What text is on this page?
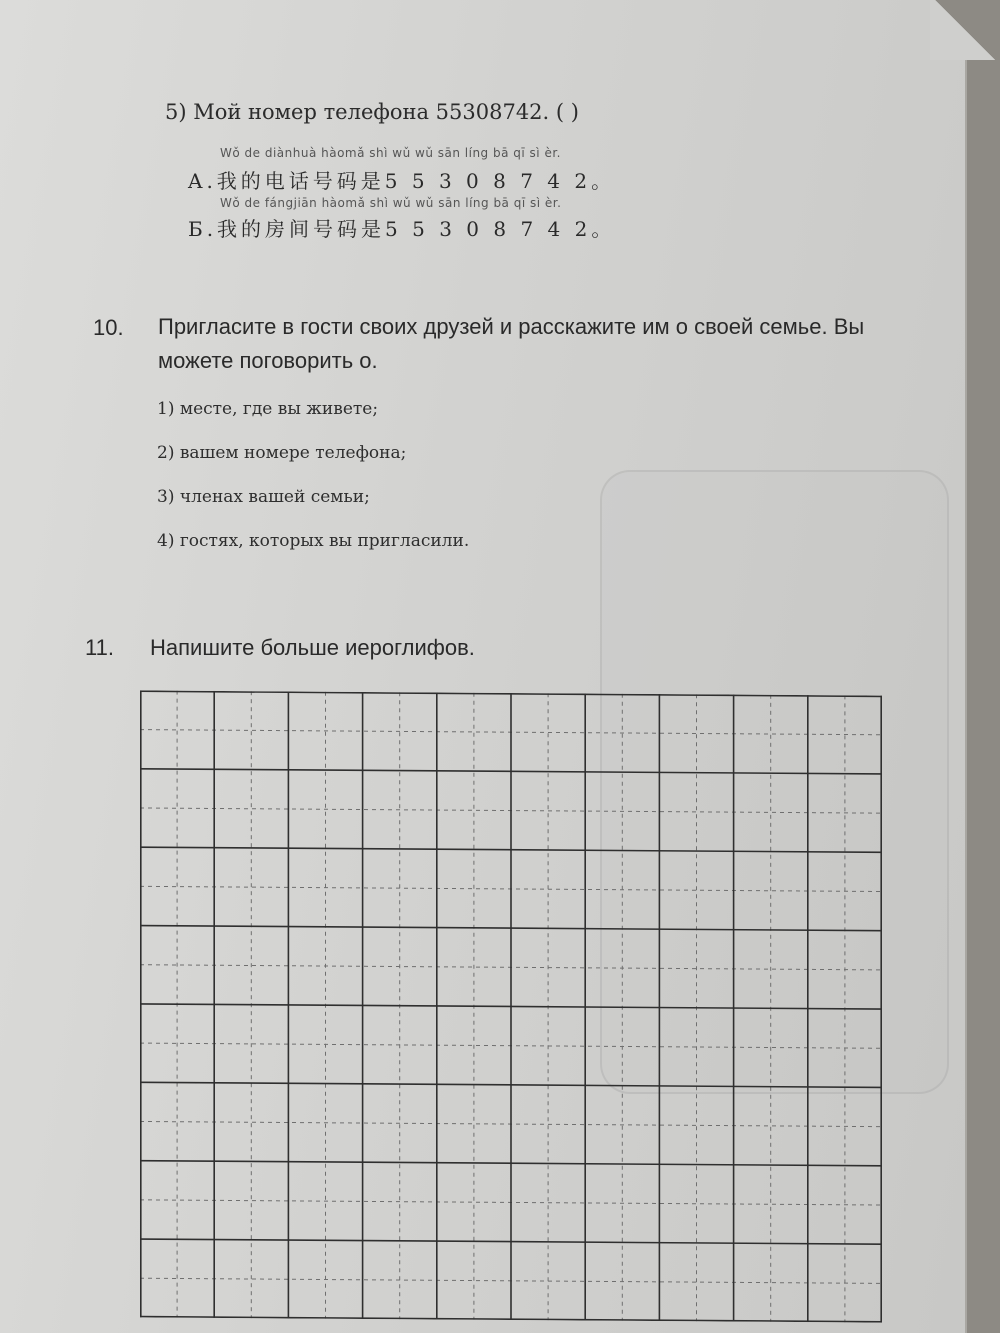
5) Мой номер телефона 55308742. ( )
Wǒ de diànhuà hàomǎ shì wǔ wǔ sān líng bā qī sì èr.
A.我的电话号码是5 5 3 0 8 7 4 2。
Wǒ de fángjiān hàomǎ shì wǔ wǔ sān líng bā qī sì èr.
Б.我的房间号码是5 5 3 0 8 7 4 2。
10. Пригласите в гости своих друзей и расскажите им о своей семье. Вы можете поговорить о.
1) месте, где вы живете;
2) вашем номере телефона;
3) членах вашей семьи;
4) гостях, которых вы пригласили.
11. Напишите больше иероглифов.
